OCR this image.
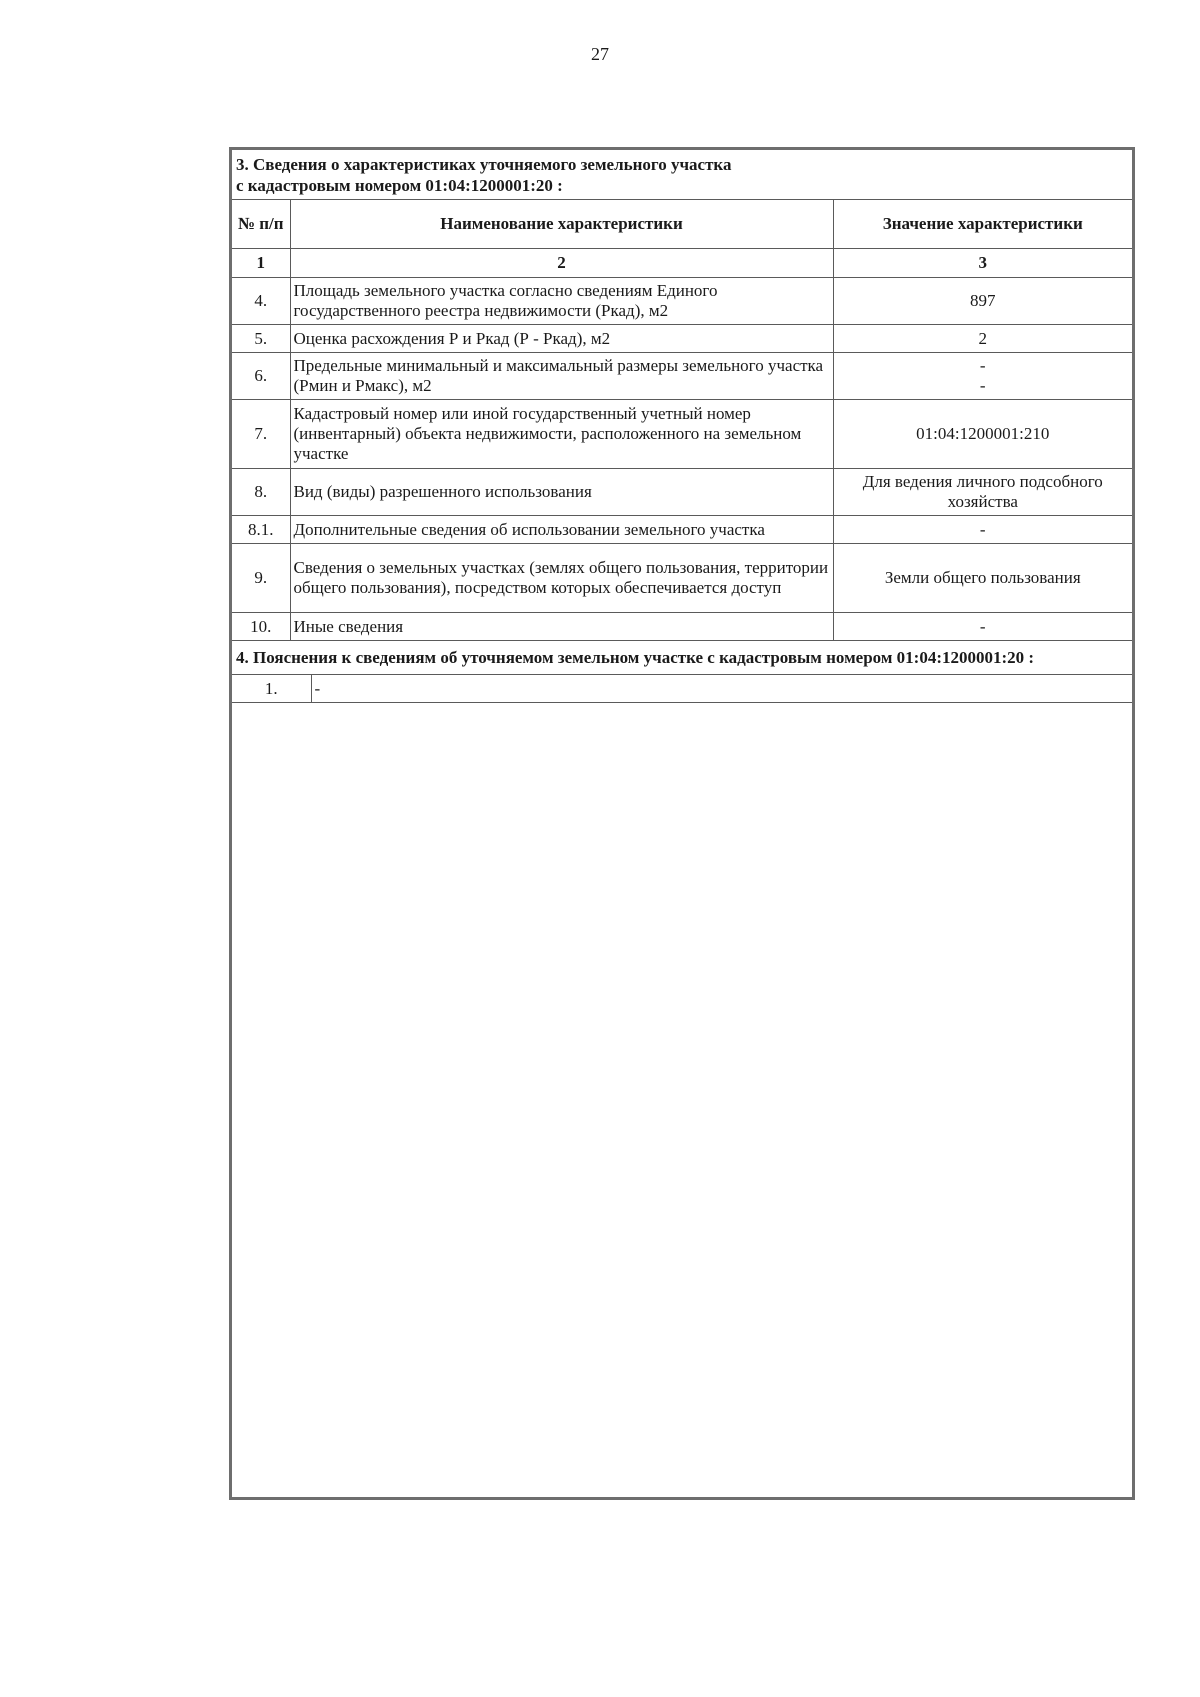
27
3. Сведения о характеристиках уточняемого земельного участка
с кадастровым номером 01:04:1200001:20 :		

№ п/п	Наименование характеристики	Значение характеристики
1	2	3
4.	Площадь земельного участка согласно сведениям Единого государственного реестра недвижимости (Ркад), м2	897
5.	Оценка расхождения Р и Ркад (Р - Ркад), м2	2
6.	Предельные минимальный и максимальный размеры земельного участка (Рмин и Рмакс), м2	-
-

7.	Кадастровый номер или иной государственный учетный номер (инвентарный) объекта недвижимости, расположенного на земельном участке	01:04:1200001:210
8.	Вид (виды) разрешенного использования	Для ведения личного подсобного хозяйства
8.1.	Дополнительные сведения об использовании земельного участка	-
9.	Сведения о земельных участках (землях общего пользования, территории общего пользования), посредством которых обеспечивается доступ	Земли общего пользования
10.	Иные сведения	-
4. Пояснения к сведениям об уточняемом земельном участке с кадастровым номером 01:04:1200001:20 :
1.	-
